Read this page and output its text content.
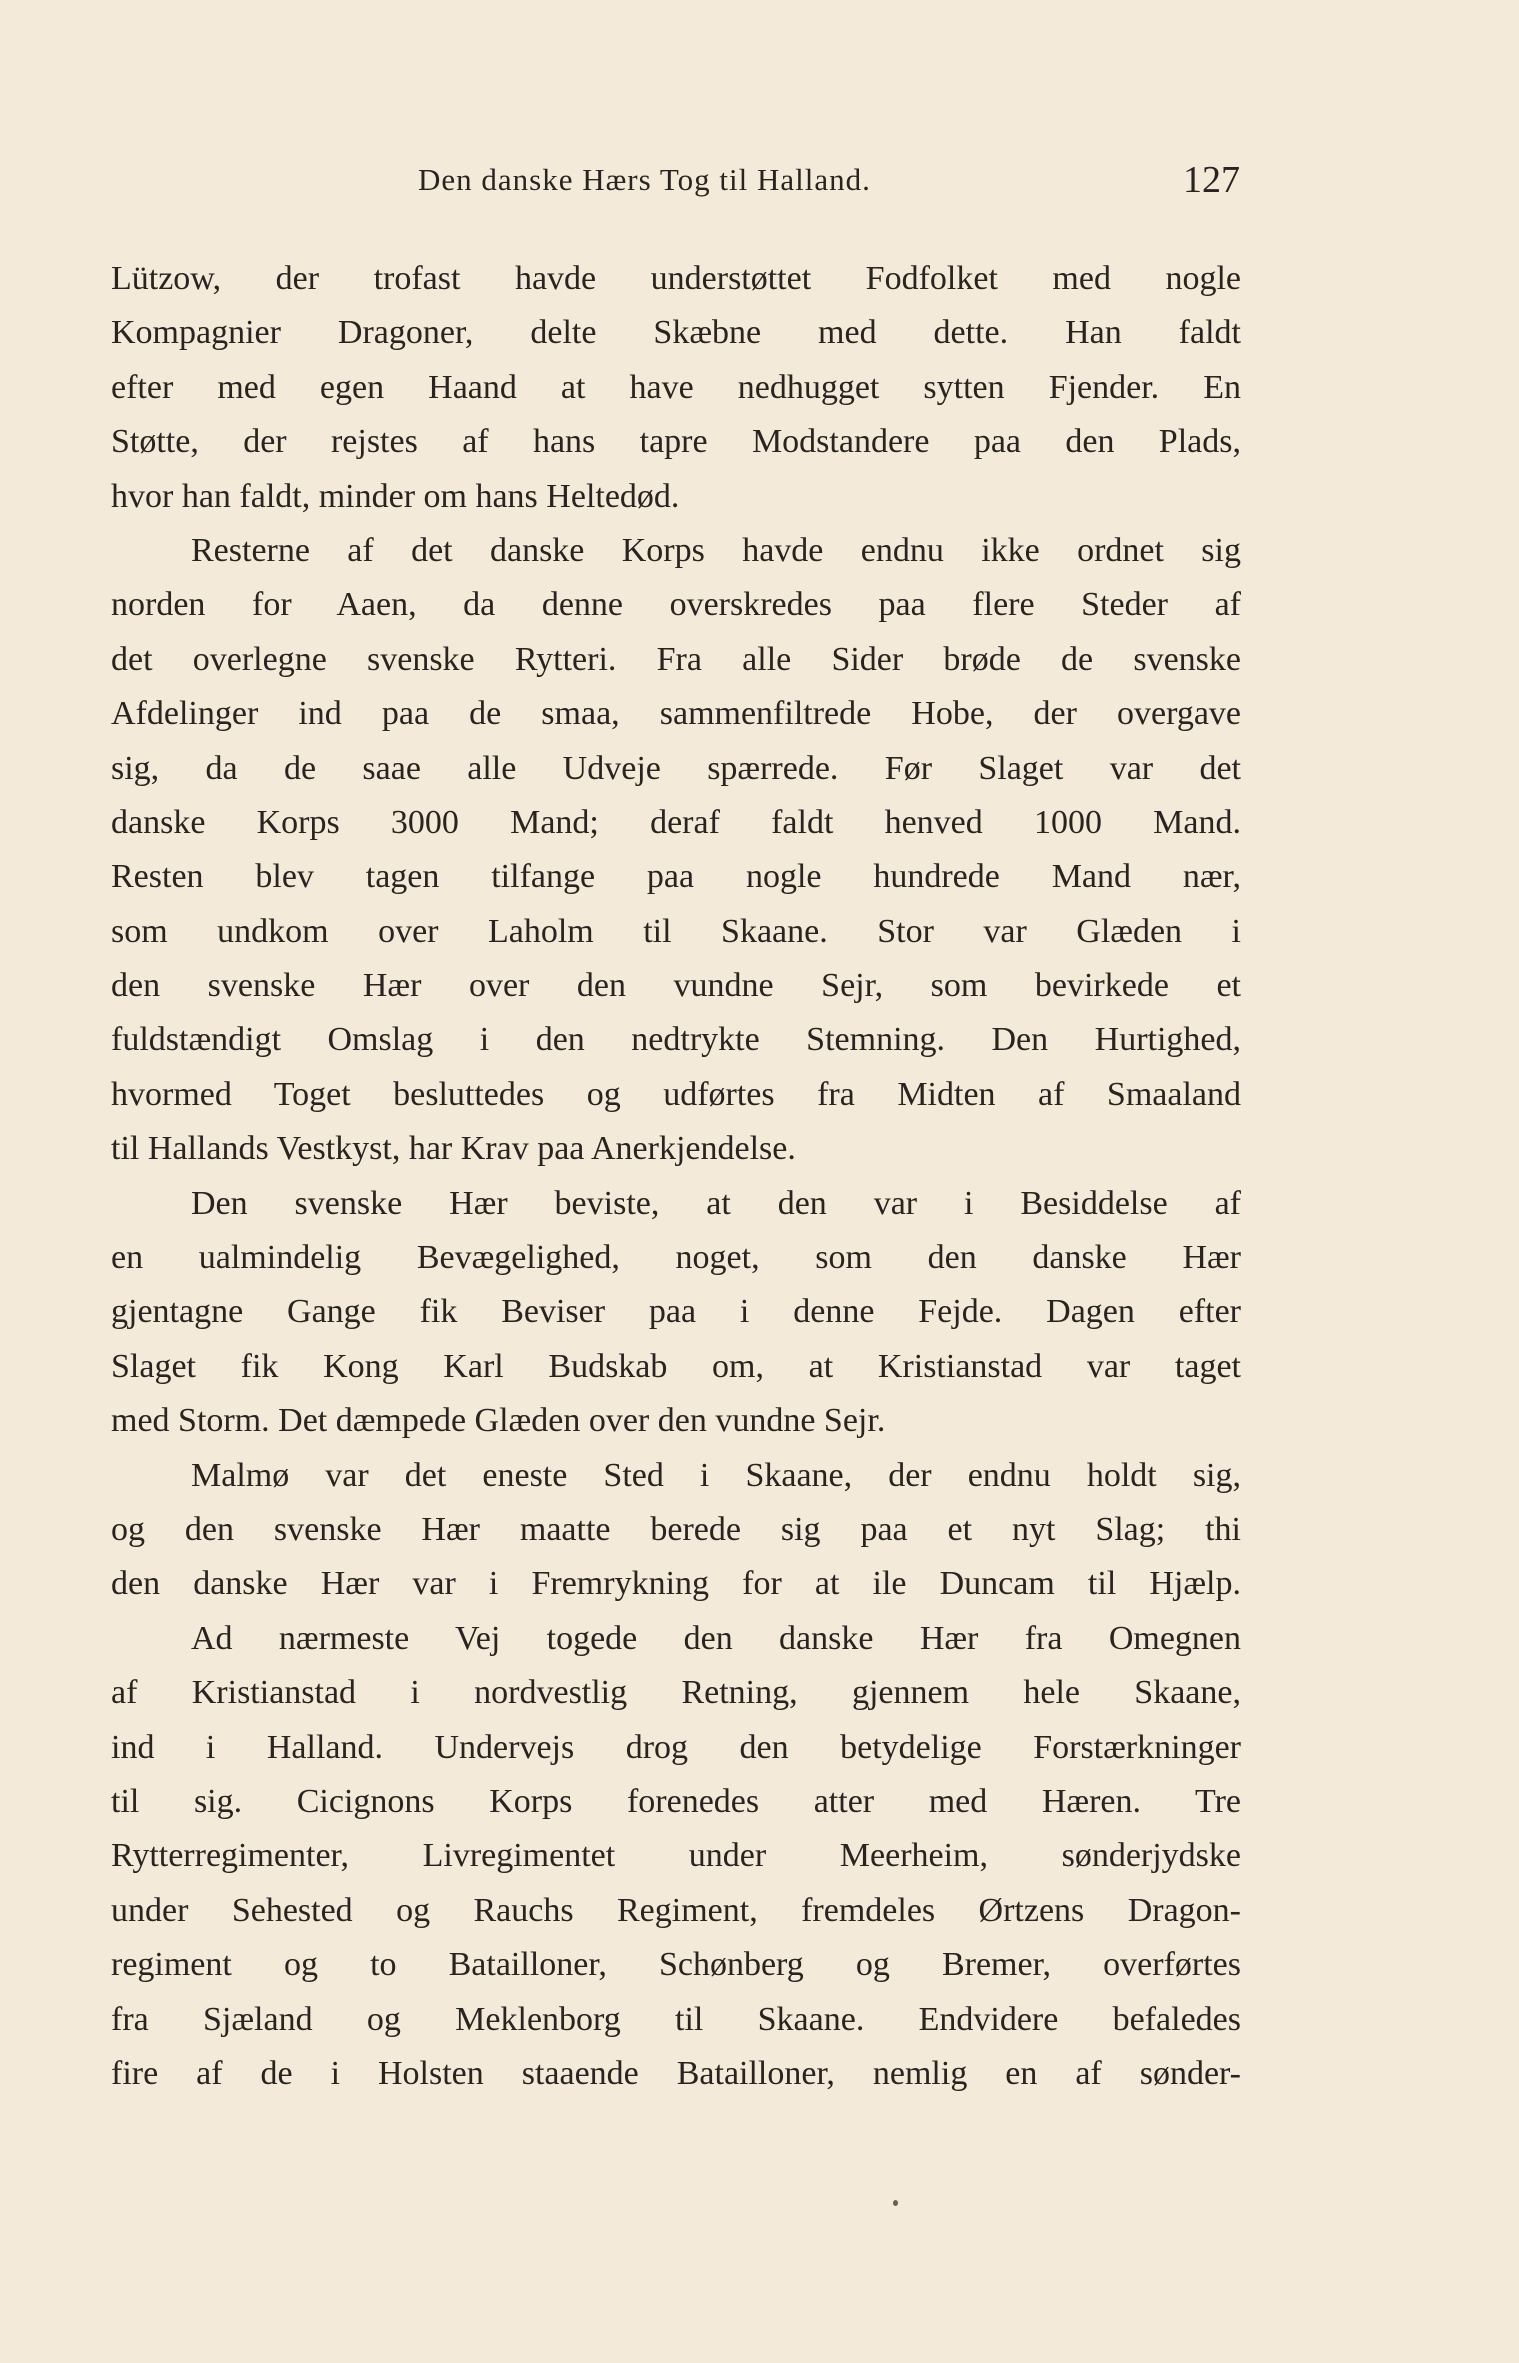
Den danske Hærs Tog til Halland.	127
Lützow, der trofast havde understøttet Fodfolket med nogle
Kompagnier Dragoner, delte Skæbne med dette. Han faldt
efter med egen Haand at have nedhugget sytten Fjender. En
Støtte, der rejstes af hans tapre Modstandere paa den Plads,
hvor han faldt, minder om hans Heltedød.
Resterne af det danske Korps havde endnu ikke ordnet sig
norden for Aaen, da denne overskredes paa flere Steder af
det overlegne svenske Rytteri. Fra alle Sider brøde de svenske
Afdelinger ind paa de smaa, sammenfiltrede Hobe, der overgave
sig, da de saae alle Udveje spærrede. Før Slaget var det
danske Korps 3000 Mand; deraf faldt henved 1000 Mand.
Resten blev tagen tilfange paa nogle hundrede Mand nær,
som undkom over Laholm til Skaane. Stor var Glæden i
den svenske Hær over den vundne Sejr, som bevirkede et
fuldstændigt Omslag i den nedtrykte Stemning. Den Hurtighed,
hvormed Toget besluttedes og udførtes fra Midten af Smaaland
til Hallands Vestkyst, har Krav paa Anerkjendelse.
Den svenske Hær beviste, at den var i Besiddelse af
en ualmindelig Bevægelighed, noget, som den danske Hær
gjentagne Gange fik Beviser paa i denne Fejde. Dagen efter
Slaget fik Kong Karl Budskab om, at Kristianstad var taget
med Storm. Det dæmpede Glæden over den vundne Sejr.
Malmø var det eneste Sted i Skaane, der endnu holdt sig,
og den svenske Hær maatte berede sig paa et nyt Slag; thi
den danske Hær var i Fremrykning for at ile Duncam til Hjælp.
Ad nærmeste Vej togede den danske Hær fra Omegnen
af Kristianstad i nordvestlig Retning, gjennem hele Skaane,
ind i Halland. Undervejs drog den betydelige Forstærkninger
til sig. Cicignons Korps forenedes atter med Hæren. Tre
Rytterregimenter, Livregimentet under Meerheim, sønderjydske
under Sehested og Rauchs Regiment, fremdeles Ørtzens Dragon-
regiment og to Batailloner, Schønberg og Bremer, overførtes
fra Sjæland og Meklenborg til Skaane. Endvidere befaledes
fire af de i Holsten staaende Batailloner, nemlig en af sønder-
